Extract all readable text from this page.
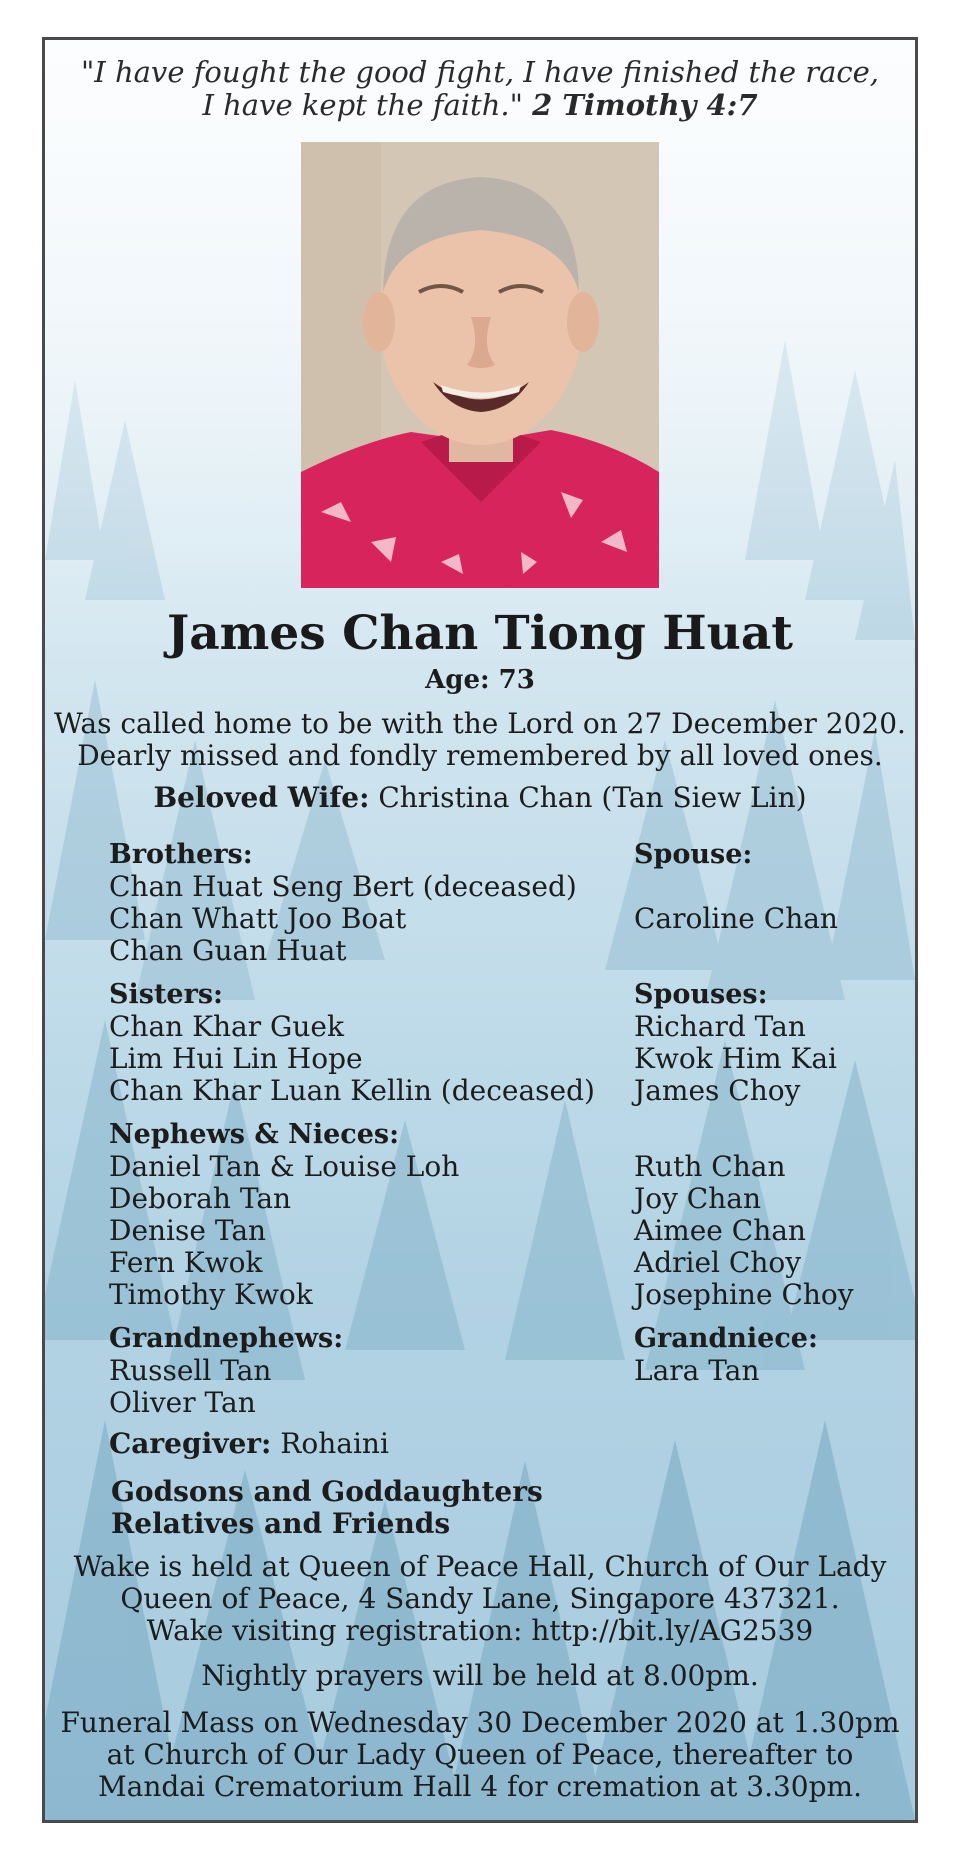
"I have fought the good fight, I have finished the race,
I have kept the faith." 2 Timothy 4:7
James Chan Tiong Huat
Age: 73
Was called home to be with the Lord on 27 December 2020.
Dearly missed and fondly remembered by all loved ones.
Beloved Wife: Christina Chan (Tan Siew Lin)
Brothers:
Chan Huat Seng Bert (deceased)
Chan Whatt Joo Boat
Chan Guan Huat
Spouse:
Caroline Chan
Sisters:
Chan Khar Guek
Lim Hui Lin Hope
Chan Khar Luan Kellin (deceased)
Spouses:
Richard Tan
Kwok Him Kai
James Choy
Nephews & Nieces:
Daniel Tan & Louise Loh
Deborah Tan
Denise Tan
Fern Kwok
Timothy Kwok
Ruth Chan
Joy Chan
Aimee Chan
Adriel Choy
Josephine Choy
Grandnephews:
Russell Tan
Oliver Tan
Grandniece:
Lara Tan
Caregiver: Rohaini
Godsons and Goddaughters
Relatives and Friends
Wake is held at Queen of Peace Hall, Church of Our Lady
Queen of Peace, 4 Sandy Lane, Singapore 437321.
Wake visiting registration: http://bit.ly/AG2539
Nightly prayers will be held at 8.00pm.
Funeral Mass on Wednesday 30 December 2020 at 1.30pm
at Church of Our Lady Queen of Peace, thereafter to
Mandai Crematorium Hall 4 for cremation at 3.30pm.
